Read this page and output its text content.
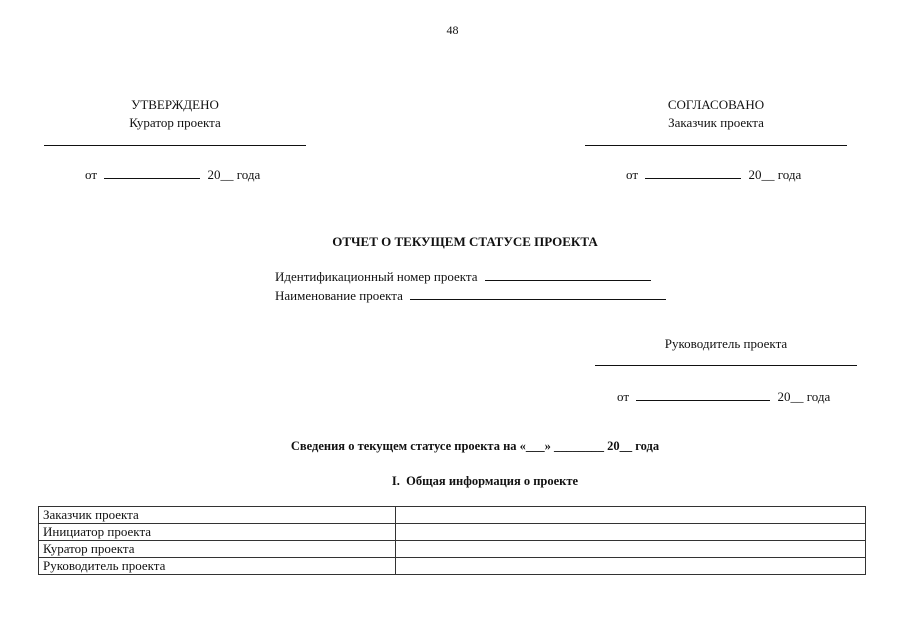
48
УТВЕРЖДЕНО
Куратор проекта
от	20__ года
СОГЛАСОВАНО
Заказчик проекта
от	20__ года
ОТЧЕТ О ТЕКУЩЕМ СТАТУСЕ ПРОЕКТА
Идентификационный номер проекта
Наименование проекта
Руководитель проекта
от	20__ года
Сведения о текущем статусе проекта на «___» ________ 20__ года
I. Общая информация о проекте
Заказчик проекта	
Инициатор проекта	
Куратор проекта	
Руководитель проекта	
